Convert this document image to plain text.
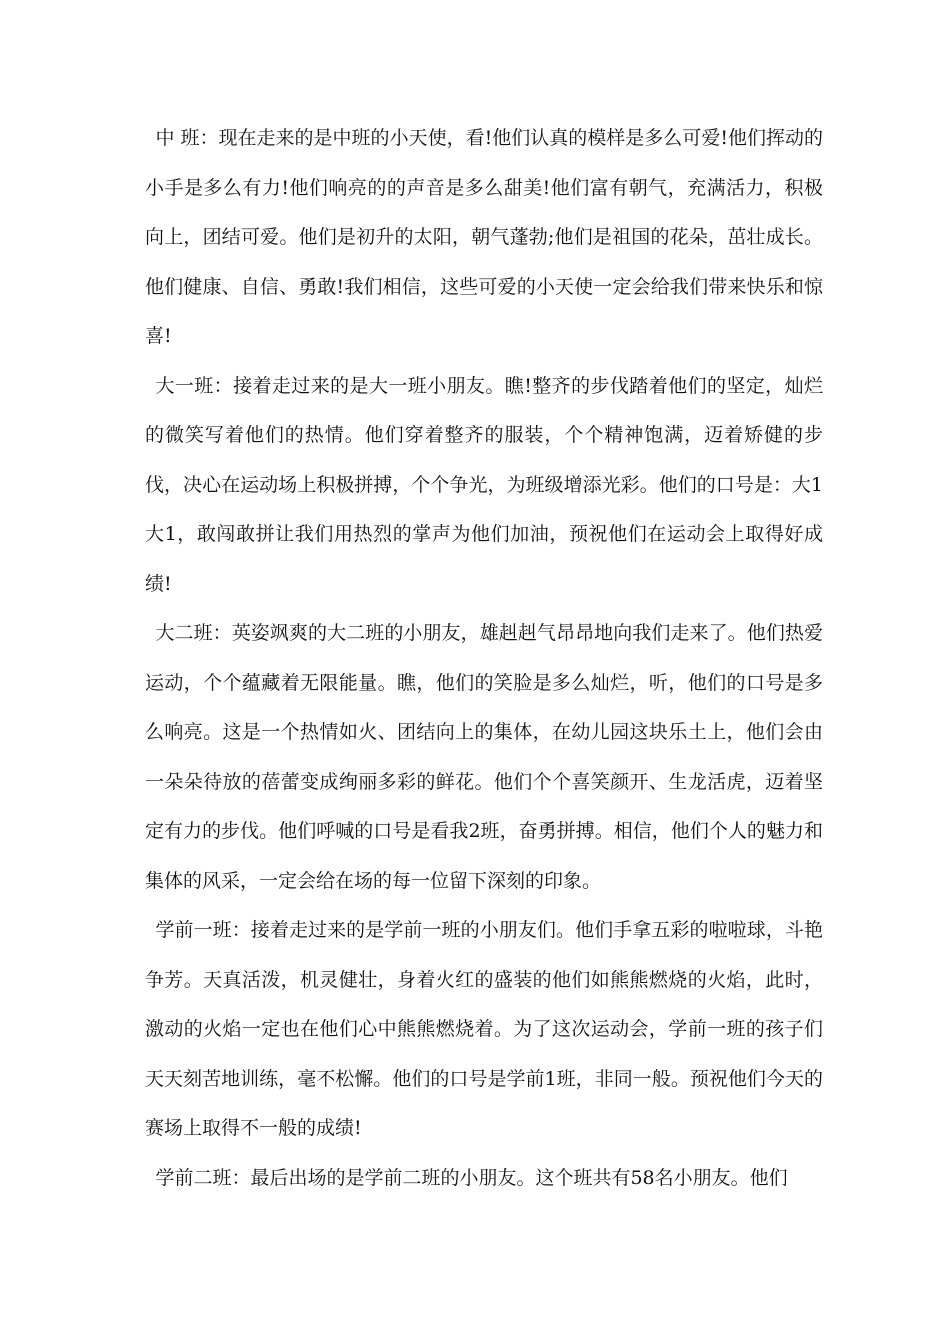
中 班：现在走来的是中班的小天使，看!他们认真的模样是多么可爱!他们挥动的小手是多么有力!他们响亮的的声音是多么甜美!他们富有朝气，充满活力，积极向上，团结可爱。他们是初升的太阳，朝气蓬勃;他们是祖国的花朵，茁壮成长。他们健康、自信、勇敢!我们相信，这些可爱的小天使一定会给我们带来快乐和惊喜!

大一班：接着走过来的是大一班小朋友。瞧!整齐的步伐踏着他们的坚定，灿烂的微笑写着他们的热情。他们穿着整齐的服装，个个精神饱满，迈着矫健的步伐，决心在运动场上积极拼搏，个个争光，为班级增添光彩。他们的口号是：大1大1，敢闯敢拼让我们用热烈的掌声为他们加油，预祝他们在运动会上取得好成绩!

大二班：英姿飒爽的大二班的小朋友，雄赳赳气昂昂地向我们走来了。他们热爱运动，个个蕴藏着无限能量。瞧，他们的笑脸是多么灿烂，听，他们的口号是多么响亮。这是一个热情如火、团结向上的集体，在幼儿园这块乐土上，他们会由一朵朵待放的蓓蕾变成绚丽多彩的鲜花。他们个个喜笑颜开、生龙活虎，迈着坚定有力的步伐。他们呼喊的口号是看我2班，奋勇拼搏。相信，他们个人的魅力和集体的风采，一定会给在场的每一位留下深刻的印象。

学前一班：接着走过来的是学前一班的小朋友们。他们手拿五彩的啦啦球，斗艳争芳。天真活泼，机灵健壮，身着火红的盛装的他们如熊熊燃烧的火焰，此时，激动的火焰一定也在他们心中熊熊燃烧着。为了这次运动会，学前一班的孩子们天天刻苦地训练，毫不松懈。他们的口号是学前1班，非同一般。预祝他们今天的赛场上取得不一般的成绩!

学前二班：最后出场的是学前二班的小朋友。这个班共有58名小朋友。他们
